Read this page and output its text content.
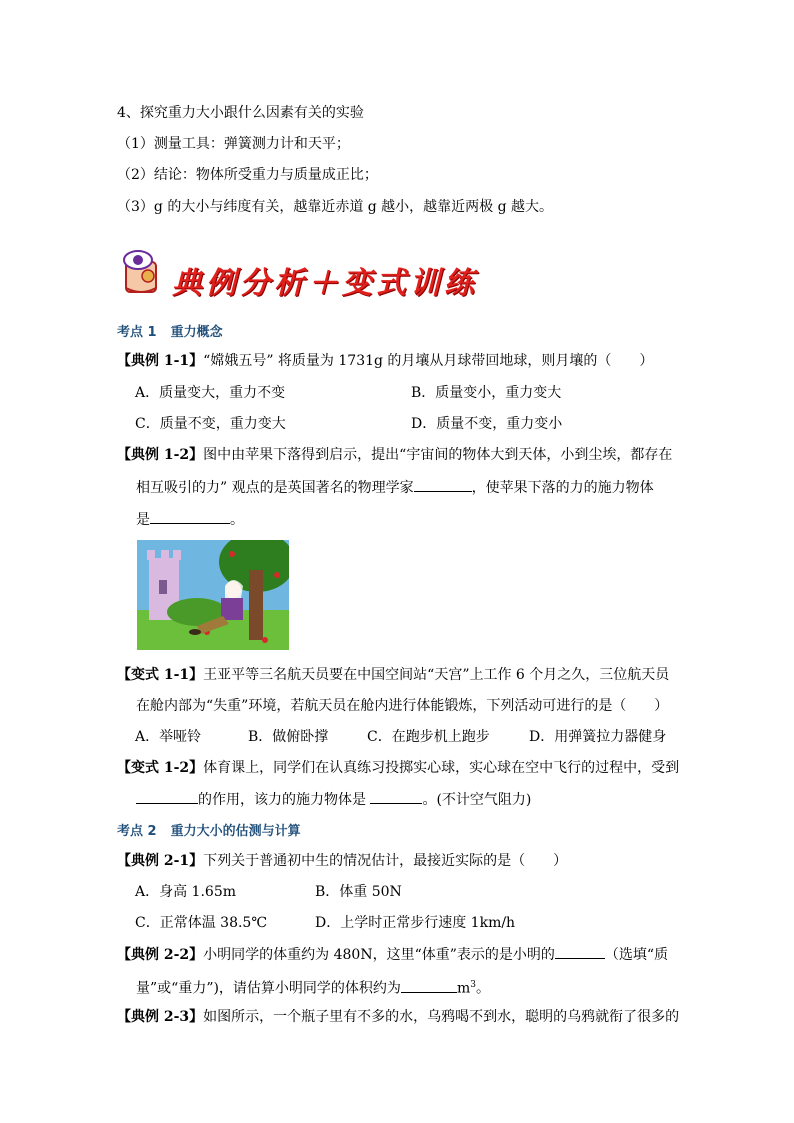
4、探究重力大小跟什么因素有关的实验
（1）测量工具：弹簧测力计和天平；
（2）结论：物体所受重力与质量成正比；
（3）g 的大小与纬度有关，越靠近赤道 g 越小，越靠近两极 g 越大。
典例分析＋变式训练
考点 1 重力概念
【典例 1-1】“嫦娥五号” 将质量为 1731g 的月壤从月球带回地球，则月壤的（　　）
A．质量变大，重力不变	B．质量变小，重力变大
C．质量不变，重力变大	D．质量不变，重力变小
【典例 1-2】图中由苹果下落得到启示，提出“宇宙间的物体大到天体，小到尘埃，都存在
相互吸引的力” 观点的是英国著名的物理学家	，使苹果下落的力的施力物体
是	。
【变式 1-1】王亚平等三名航天员要在中国空间站“天宫”上工作 6 个月之久，三位航天员
在舱内部为“失重”环境，若航天员在舱内进行体能锻炼，下列活动可进行的是（　　）
A．举哑铃	B．做俯卧撑	C．在跑步机上跑步	D．用弹簧拉力器健身
【变式 1-2】体育课上，同学们在认真练习投掷实心球，实心球在空中飞行的过程中，受到
的作用，该力的施力物体是	。(不计空气阻力)
考点 2 重力大小的估测与计算
【典例 2-1】下列关于普通初中生的情况估计，最接近实际的是（　　）
A．身高 1.65m	B．体重 50N
C．正常体温 38.5℃	D．上学时正常步行速度 1km/h
【典例 2-2】小明同学的体重约为 480N，这里“体重”表示的是小明的	（选填“质
量”或“重力”)，请估算小明同学的体积约为	$m^3$。
【典例 2-3】如图所示，一个瓶子里有不多的水，乌鸦喝不到水，聪明的乌鸦就衔了很多的
